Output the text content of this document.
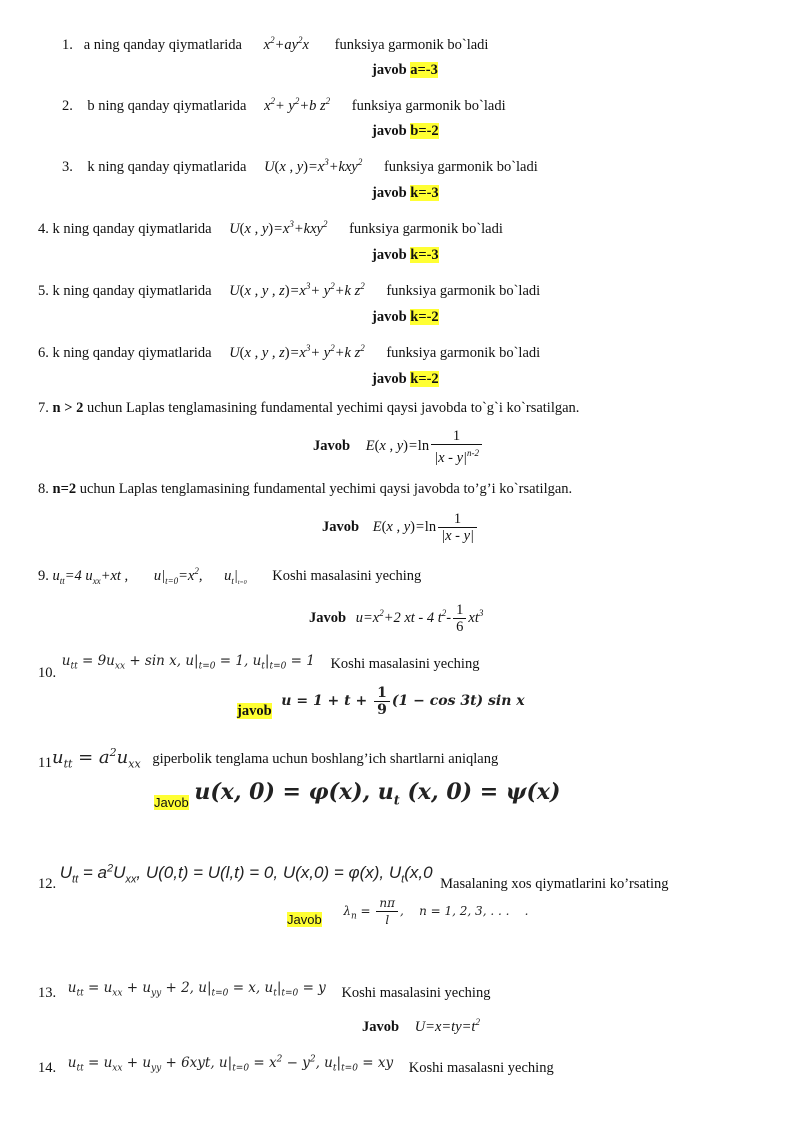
1. a ning qanday qiymatlarida $x^2+ay^2x$ funksiya garmonik bo`ladi
javob a=-3
2. b ning qanday qiymatlarida $x^2+ y^2+b$ $z^2$ funksiya garmonik bo`ladi
javob b=-2
3. k ning qanday qiymatlarida U(x , $y)=x^3+kxy^2$ funksiya garmonik bo`ladi
javob k=-3
4. k ning qanday qiymatlarida U(x , $y)=x^3+kxy^2$ funksiya garmonik bo`ladi
javob k=-3
5. k ning qanday qiymatlarida U(x , y , $z)=x^3+ y^2+k$ $z^2$ funksiya garmonik bo`ladi
javob k=-2
6. k ning qanday qiymatlarida U(x , y , $z)=x^3+ y^2+k$ $z^2$ funksiya garmonik bo`ladi
javob k=-2
7. n > 2 uchun Laplas tenglamasining fundamental yechimi qaysi javobda to`g`i ko`rsatilgan.
Javob E(x , $y)=\ln \frac{1}{|x - y|^{n-2}}$
8. n=2 uchun Laplas tenglamasining fundamental yechimi qaysi javobda to’g’i ko`rsatilgan.
Javob E(x , $y)=\ln \frac{1}{|x - y|}$
9. $u_{tt}=4$ $u_{xx}+xt$ , $u|_{t=0}=x^2$, $u_t|_{t=0}$ Koshi masalasini yeching
Javob $u=x^2+2$ xt - 4 $t^2- \frac{1}{6} xt^3$
10. $u_{tt} = 9u_{xx} + \sin x$, $u|_{t=0} = 1$, $u_t|_{t=0} = 1$ Koshi masalasini yeching
javob $u = 1 + t + \frac{1}{9} (1 - \cos 3t)$ sin x
$11u_{tt} = a^2u_{xx}$ giperbolik tenglama uchun boshlang’ich shartlarni aniqlang
Javob u(x, 0) = φ(x), $u_t$ (x, 0) = ψ(x)
12. $U_{tt} = a^2U_{xx}$, U(0,t) = U(l,t) = 0, U(x,0) = φ(x), $U_t(x,0$ Masalaning xos qiymatlarini ko’rsating
Javob $\lambda_n = \frac{n\pi}{l}$ ,    n = 1, 2, 3, . . .    .
13. $u_{tt} = u_{xx} + u_{yy} + 2$, $u|_{t=0} = x$, $u_t|_{t=0} = y$ Koshi masalasini yeching
Javob $U=x=ty=t^2$
14. $u_{tt} = u_{xx} + u_{yy} + 6xyt$, $u|_{t=0} = x^2 - y^2$, $u_t|_{t=0}$ = xy Koshi masalasni yeching
